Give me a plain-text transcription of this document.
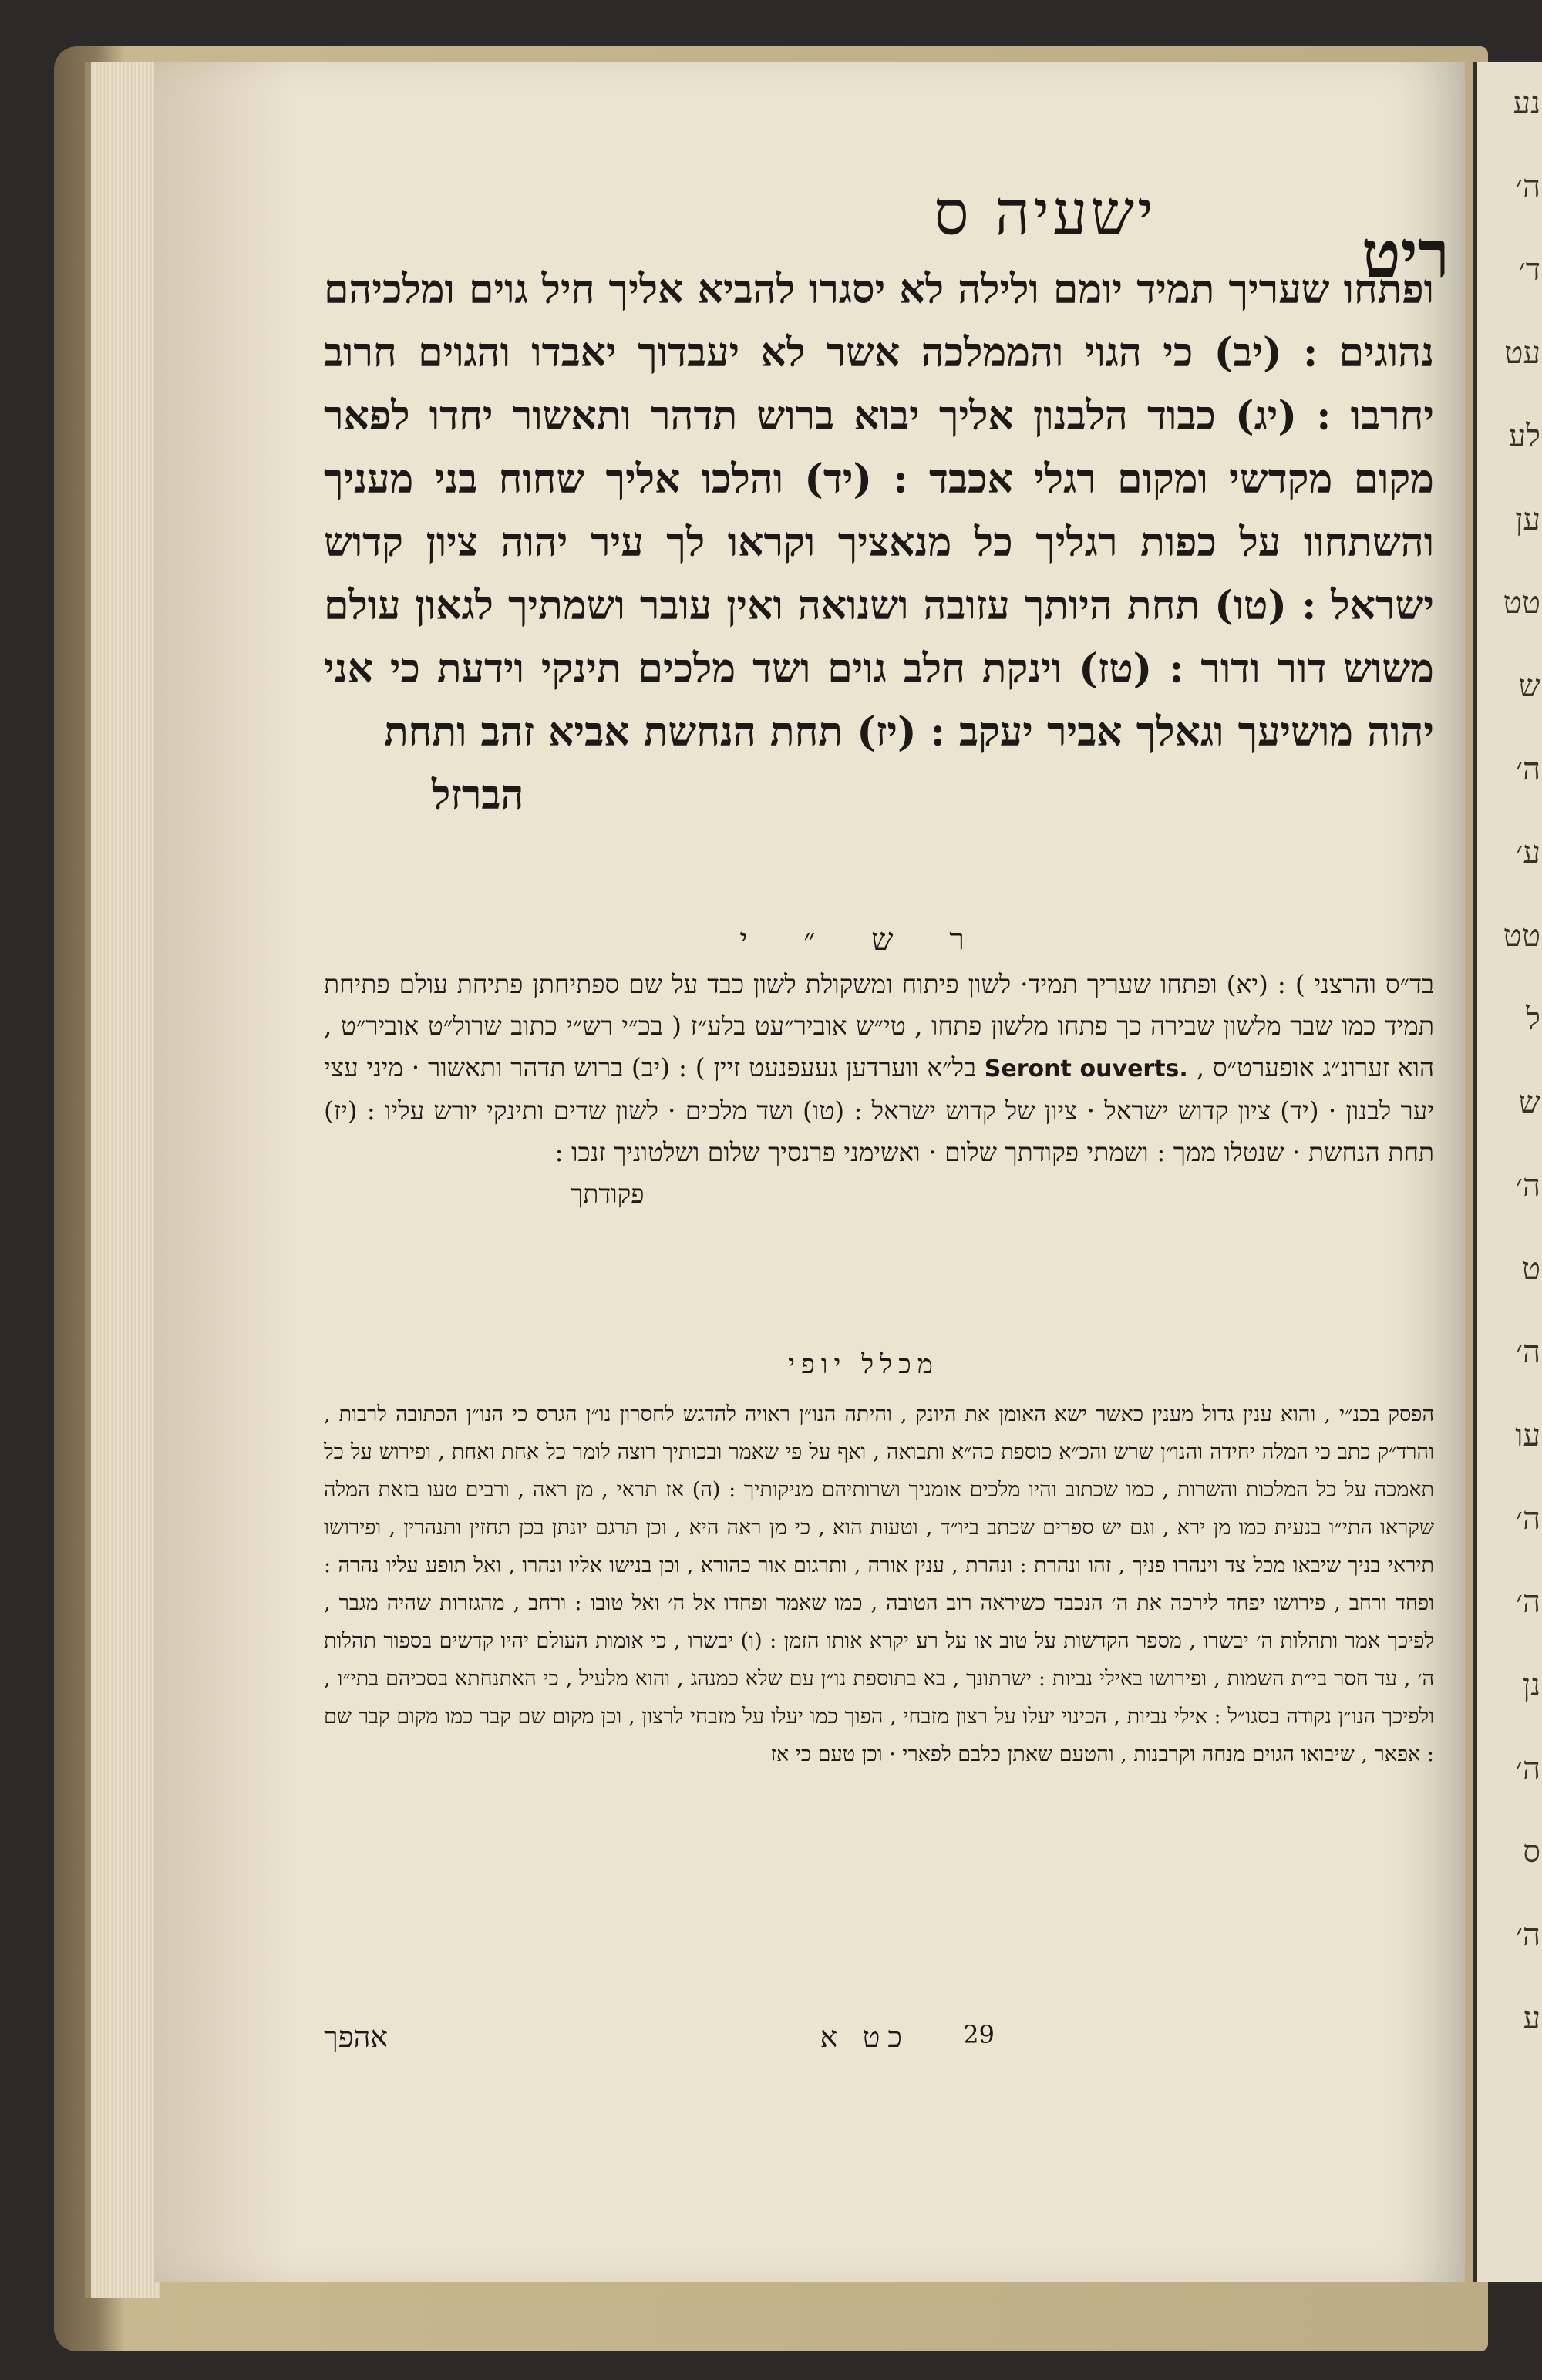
נע
ה׳
ד׳
עט
לע
ען
טט
ש
ה׳
ע׳
טט
ל
ש
ה׳
ט
ה׳
עו
ה׳
ה׳
נן
ה׳
ס
ה׳
ע
ריט
ישעיה ס
ופתחו שעריך תמיד יומם ולילה לא יסגרו להביא אליך חיל גוים ומלכיהם נהוגים : (יב) כי הגוי והממלכה אשר לא יעבדוך יאבדו והגוים חרוב יחרבו : (יג) כבוד הלבנון אליך יבוא ברוש תדהר ותאשור יחדו לפאר מקום מקדשי ומקום רגלי אכבד : (יד) והלכו אליך שחוח בני מעניך והשתחוו על כפות רגליך כל מנאציך וקראו לך עיר יהוה ציון קדוש ישראל : (טו) תחת היותך עזובה ושנואה ואין עובר ושמתיך לגאון עולם משוש דור ודור : (טז) וינקת חלב גוים ושד מלכים תינקי וידעת כי אני יהוה מושיעך וגאלך אביר יעקב : (יז) תחת הנחשת אביא זהב ותחת
הברזל
ר ש ״ י
בד״ס והרצני ) : (יא) ופתחו שעריך תמיד· לשון פיתוח ומשקולת לשון כבד על שם ספתיחתן פתיחת עולם פתיחת תמיד כמו שבר מלשון שבירה כך פתחו מלשון פתחו , טי״ש אוביר״עט בלע״ז ( בכ״י רש״י כתוב שרול״ט אוביר״ט , הוא זערונ״ג אופערט״ס , Seront ouverts. בל״א ווערדען געעפנעט זיין ) : (יב) ברוש תדהר ותאשור · מיני עצי יער לבנון · (יד) ציון קדוש ישראל · ציון של קדוש ישראל : (טו) ושד מלכים · לשון שדים ותינקי יורש עליו : (יז) תחת הנחשת · שנטלו ממך : ושמתי פקודתך שלום · ואשימני פרנסיך שלום ושלטוניך זנכו :
פקודתך
מכלל יופי
הפסק בכנ״י , והוא ענין גדול מענין כאשר ישא האומן את היונק , והיתה הנו״ן ראויה להדגש לחסרון נו״ן הגרס כי הנו״ן הכתובה לרבות , והרד״ק כתב כי המלה יחידה והנו״ן שרש והכ״א כוספת כה״א ותבואה , ואף על פי שאמר ובכותיך רוצה לומר כל אחת ואחת , ופירוש על כל תאמכה על כל המלכות והשרות , כמו שכתוב והיו מלכים אומניך ושרותיהם מניקותיך : (ה) אז תראי , מן ראה , ורבים טעו בזאת המלה שקראו התי״ו בנעית כמו מן ירא , וגם יש ספרים שכתב ביו״ד , וטעות הוא , כי מן ראה היא , וכן תרגם יונתן בכן תחזין ותנהרין , ופירושו תיראי בניך שיבאו מכל צד וינהרו פניך , זהו ונהרת : ונהרת , ענין אורה , ותרגום אור כהורא , וכן בנישו אליו ונהרו , ואל תופע עליו נהרה : ופחד ורחב , פירושו יפחד לירכה את ה׳ הנכבד כשיראה רוב הטובה , כמו שאמר ופחדו אל ה׳ ואל טובו : ורחב , מהגזרות שהיה מגבר , לפיכך אמר ותהלות ה׳ יבשרו , מספר הקדשות על טוב או על רע יקרא אותו הזמן : (ו) יבשרו , כי אומות העולם יהיו קדשים בספור תהלות ה׳ , עד חסר בי״ת השמות , ופירושו באילי נביות : ישרתונך , בא בתוספת נו״ן עם שלא כמנהג , והוא מלעיל , כי האתנחתא בסכיהם בתי״ו , ולפיכך הנו״ן נקודה בסגו״ל : אילי נביות , הכינוי יעלו על רצון מזבחי , הפוך כמו יעלו על מזבחי לרצון , וכן מקום שם קבר כמו מקום קבר שם : אפאר , שיבואו הגוים מנחה וקרבנות , והטעם שאתן כלבם לפארי · וכן טעם כי אז
כט א 29
אהפך
